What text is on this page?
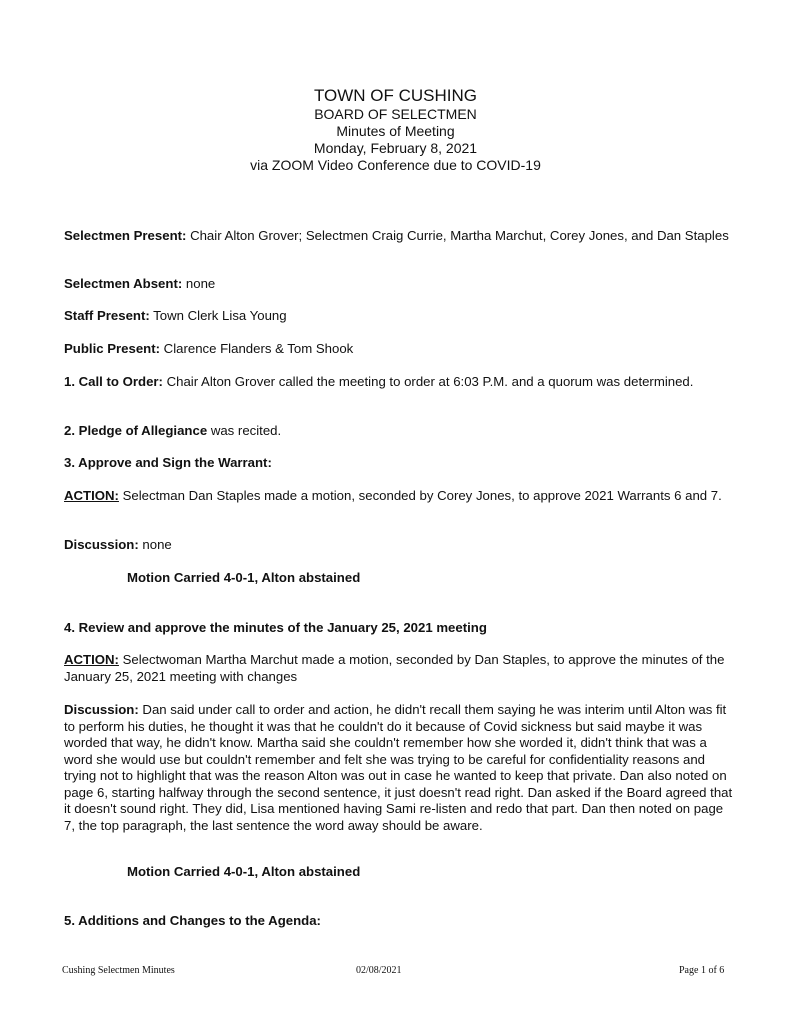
TOWN OF CUSHING
BOARD OF SELECTMEN
Minutes of Meeting
Monday, February 8, 2021
via ZOOM Video Conference due to COVID-19
Selectmen Present: Chair Alton Grover; Selectmen Craig Currie, Martha Marchut, Corey Jones, and Dan Staples
Selectmen Absent: none
Staff Present: Town Clerk Lisa Young
Public Present: Clarence Flanders & Tom Shook
1. Call to Order: Chair Alton Grover called the meeting to order at 6:03 P.M. and a quorum was determined.
2. Pledge of Allegiance was recited.
3. Approve and Sign the Warrant:
ACTION: Selectman Dan Staples made a motion, seconded by Corey Jones, to approve 2021 Warrants 6 and 7.
Discussion: none
Motion Carried 4-0-1, Alton abstained
4. Review and approve the minutes of the January 25, 2021 meeting
ACTION: Selectwoman Martha Marchut made a motion, seconded by Dan Staples, to approve the minutes of the January 25, 2021 meeting with changes
Discussion: Dan said under call to order and action, he didn't recall them saying he was interim until Alton was fit to perform his duties, he thought it was that he couldn't do it because of Covid sickness but said maybe it was worded that way, he didn't know. Martha said she couldn't remember how she worded it, didn't think that was a word she would use but couldn't remember and felt she was trying to be careful for confidentiality reasons and trying not to highlight that was the reason Alton was out in case he wanted to keep that private. Dan also noted on page 6, starting halfway through the second sentence, it just doesn't read right. Dan asked if the Board agreed that it doesn't sound right. They did, Lisa mentioned having Sami re-listen and redo that part. Dan then noted on page 7, the top paragraph, the last sentence the word away should be aware.
Motion Carried 4-0-1, Alton abstained
5. Additions and Changes to the Agenda:
Cushing Selectmen Minutes	02/08/2021	Page 1 of 6
